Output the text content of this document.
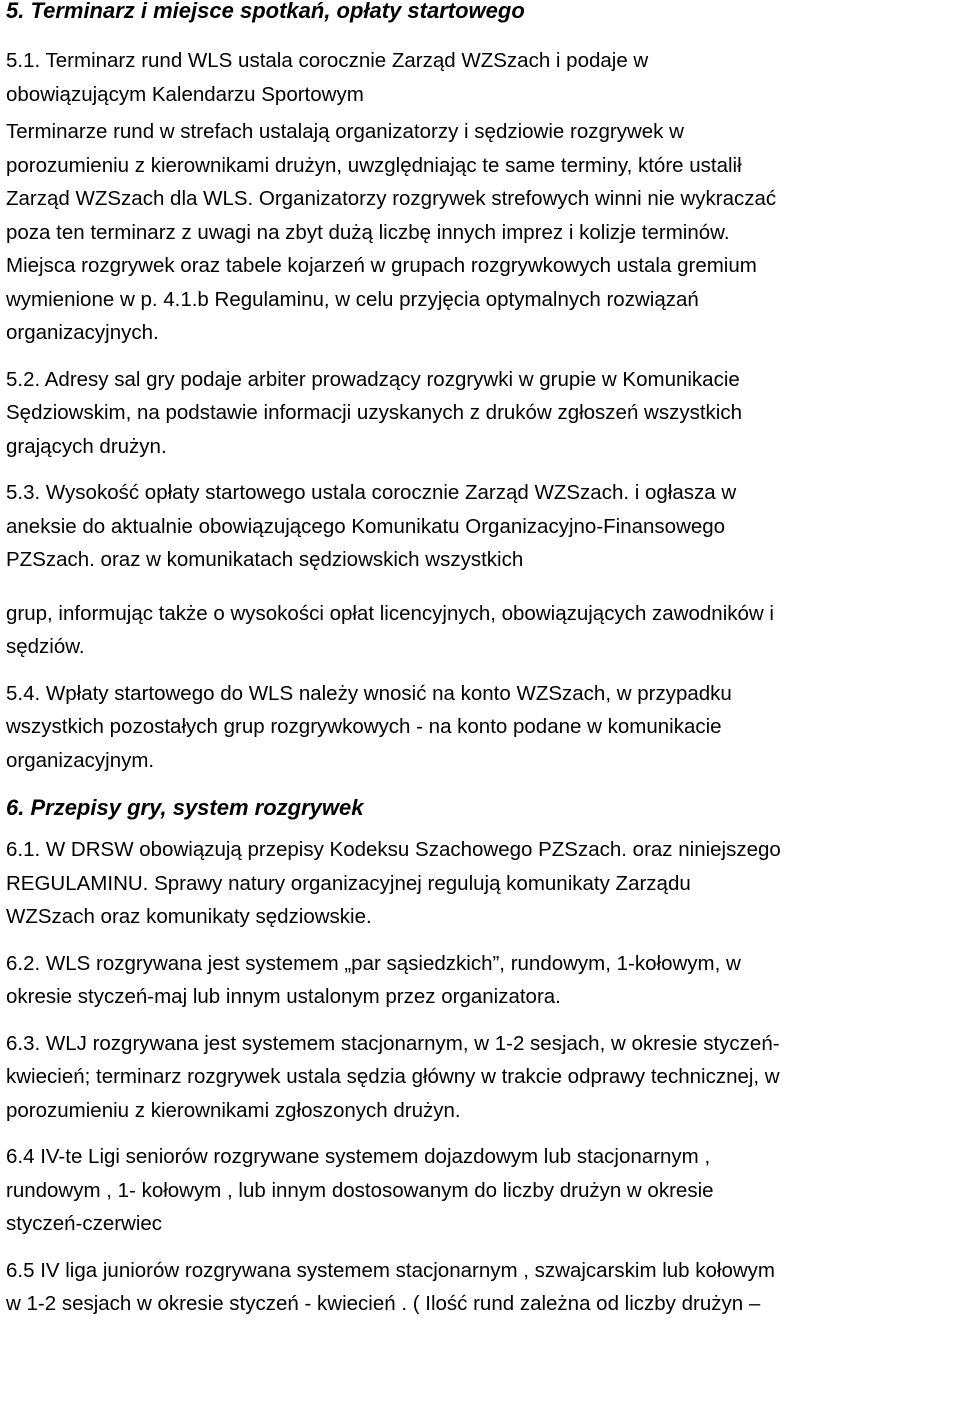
5. Terminarz i miejsce spotkań, opłaty startowego

5.1. Terminarz rund WLS ustala corocznie Zarząd WZSzach i podaje w

obowiązującym Kalendarzu Sportowym

Terminarze rund w strefach ustalają organizatorzy i sędziowie rozgrywek w

porozumieniu z kierownikami drużyn, uwzględniając te same terminy, które ustalił

Zarząd WZSzach dla WLS. Organizatorzy rozgrywek strefowych winni nie wykraczać

poza ten terminarz z uwagi na zbyt dużą liczbę innych imprez i kolizje terminów.

Miejsca rozgrywek oraz tabele kojarzeń w grupach rozgrywkowych ustala gremium

wymienione w p. 4.1.b Regulaminu, w celu przyjęcia optymalnych rozwiązań

organizacyjnych.

5.2. Adresy sal gry podaje arbiter prowadzący rozgrywki w grupie w Komunikacie

Sędziowskim, na podstawie informacji uzyskanych z druków zgłoszeń wszystkich

grających drużyn.

5.3. Wysokość opłaty startowego ustala corocznie Zarząd WZSzach. i ogłasza w

aneksie do aktualnie obowiązującego Komunikatu Organizacyjno-Finansowego

PZSzach. oraz w komunikatach sędziowskich wszystkich

grup, informując także o wysokości opłat licencyjnych, obowiązujących zawodników i

sędziów.

5.4. Wpłaty startowego do WLS należy wnosić na konto WZSzach, w przypadku

wszystkich pozostałych grup rozgrywkowych - na konto podane w komunikacie

organizacyjnym.

6. Przepisy gry, system rozgrywek

6.1. W DRSW obowiązują przepisy Kodeksu Szachowego PZSzach. oraz niniejszego

REGULAMINU. Sprawy natury organizacyjnej regulują komunikaty Zarządu

WZSzach oraz komunikaty sędziowskie.

6.2. WLS rozgrywana jest systemem „par sąsiedzkich”, rundowym, 1-kołowym, w

okresie styczeń-maj lub innym ustalonym przez organizatora.

6.3. WLJ rozgrywana jest systemem stacjonarnym, w 1-2 sesjach, w okresie styczeń-

kwiecień; terminarz rozgrywek ustala sędzia główny w trakcie odprawy technicznej, w

porozumieniu z kierownikami zgłoszonych drużyn.

6.4 IV-te Ligi seniorów rozgrywane systemem dojazdowym lub stacjonarnym ,

rundowym , 1- kołowym , lub innym dostosowanym do liczby drużyn w okresie

styczeń-czerwiec

6.5 IV liga juniorów rozgrywana systemem stacjonarnym , szwajcarskim lub kołowym

w 1-2 sesjach w okresie styczeń - kwiecień . ( Ilość rund zależna od liczby drużyn –
